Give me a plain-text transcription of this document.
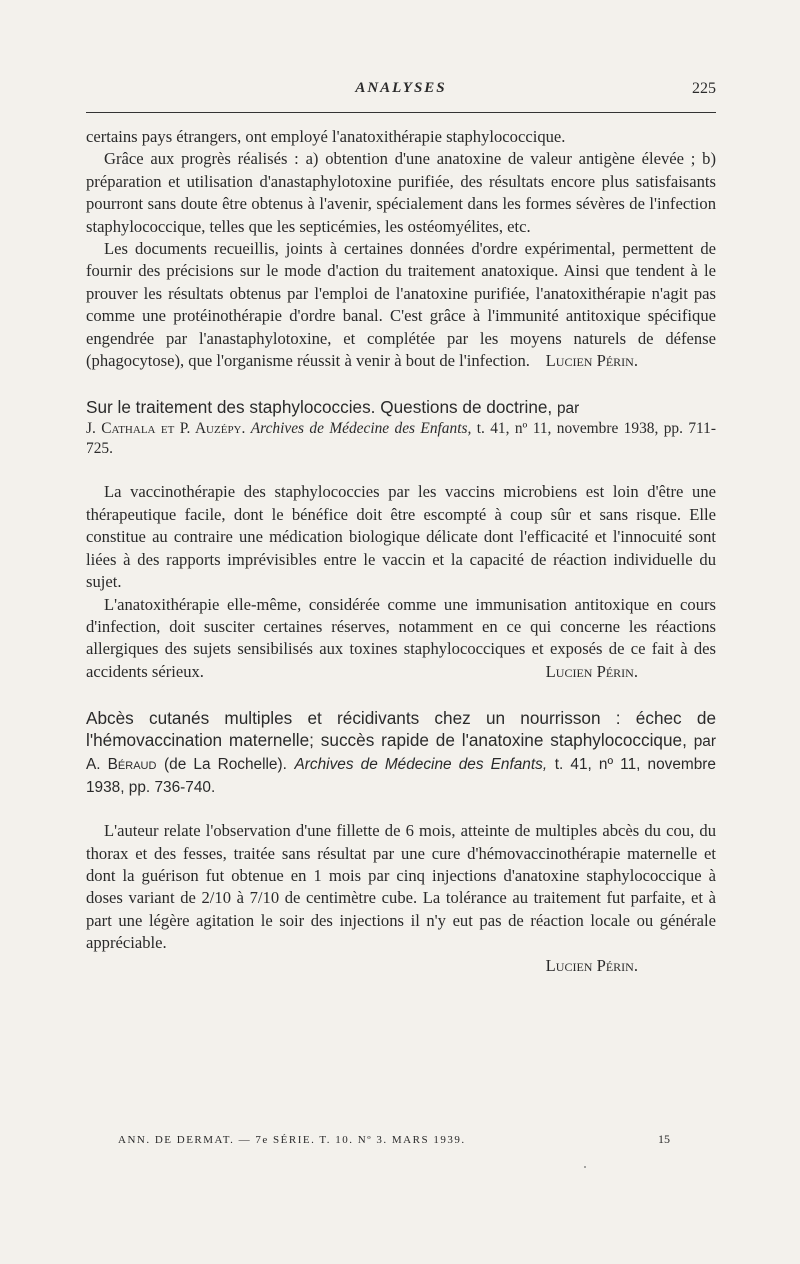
ANALYSES	225

certains pays étrangers, ont employé l'anatoxithérapie staphylococcique.

Grâce aux progrès réalisés : a) obtention d'une anatoxine de valeur antigène élevée ; b) préparation et utilisation d'anastaphylotoxine purifiée, des résultats encore plus satisfaisants pourront sans doute être obtenus à l'avenir, spécialement dans les formes sévères de l'infection staphylococcique, telles que les septicémies, les ostéomyélites, etc.

Les documents recueillis, joints à certaines données d'ordre expérimental, permettent de fournir des précisions sur le mode d'action du traitement anatoxique. Ainsi que tendent à le prouver les résultats obtenus par l'emploi de l'anatoxine purifiée, l'anatoxithérapie n'agit pas comme une protéinothérapie d'ordre banal. C'est grâce à l'immunité antitoxique spécifique engendrée par l'anastaphylotoxine, et complétée par les moyens naturels de défense (phagocytose), que l'organisme réussit à venir à bout de l'infection. Lucien Périn.

Sur le traitement des staphylococcies. Questions de doctrine, par

J. Cathala et P. Auzépy. Archives de Médecine des Enfants, t. 41, nº 11, novembre 1938, pp. 711-725.

La vaccinothérapie des staphylococcies par les vaccins microbiens est loin d'être une thérapeutique facile, dont le bénéfice doit être escompté à coup sûr et sans risque. Elle constitue au contraire une médication biologique délicate dont l'efficacité et l'innocuité sont liées à des rapports imprévisibles entre le vaccin et la capacité de réaction individuelle du sujet.

L'anatoxithérapie elle-même, considérée comme une immunisation antitoxique en cours d'infection, doit susciter certaines réserves, notamment en ce qui concerne les réactions allergiques des sujets sensibilisés aux toxines staphylococciques et exposés de ce fait à des accidents sérieux.	Lucien Périn.

Abcès cutanés multiples et récidivants chez un nourrisson : échec de l'hémovaccination maternelle; succès rapide de l'anatoxine staphylococcique, par A. Béraud (de La Rochelle). Archives de Médecine des Enfants, t. 41, nº 11, novembre 1938, pp. 736-740.

L'auteur relate l'observation d'une fillette de 6 mois, atteinte de multiples abcès du cou, du thorax et des fesses, traitée sans résultat par une cure d'hémovaccinothérapie maternelle et dont la guérison fut obtenue en 1 mois par cinq injections d'anatoxine staphylococcique à doses variant de 2/10 à 7/10 de centimètre cube. La tolérance au traitement fut parfaite, et à part une légère agitation le soir des injections il n'y eut pas de réaction locale ou générale appréciable.

Lucien Périn.

ANN. DE DERMAT. — 7e SÉRIE. T. 10. Nº 3. MARS 1939.	15
